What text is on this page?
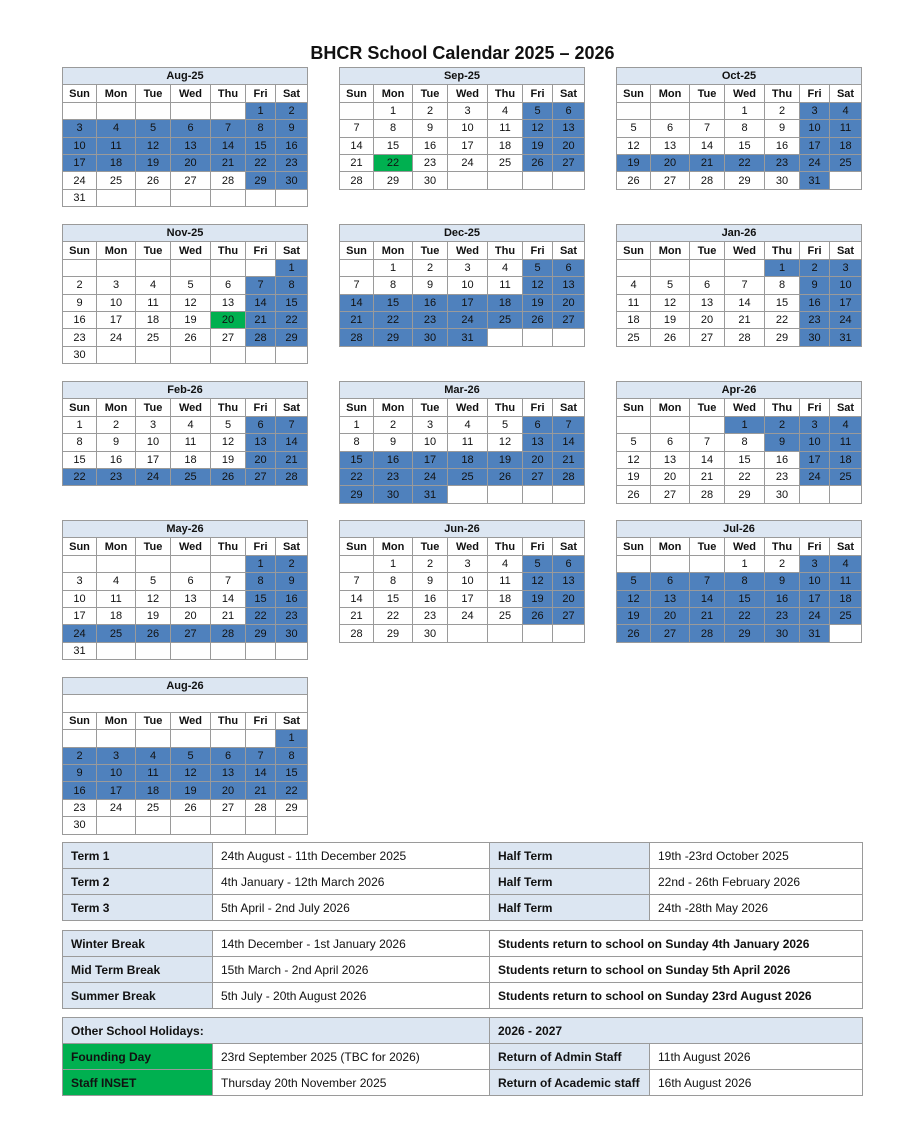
BHCR School Calendar 2025 – 2026
Aug-25						
Sun	Mon	Tue	Wed	Thu	Fri	Sat
					1	2
3	4	5	6	7	8	9
10	11	12	13	14	15	16
17	18	19	20	21	22	23
24	25	26	27	28	29	30
31						
Sep-25						
Sun	Mon	Tue	Wed	Thu	Fri	Sat
	1	2	3	4	5	6
7	8	9	10	11	12	13
14	15	16	17	18	19	20
21	22	23	24	25	26	27
28	29	30				
Oct-25						
Sun	Mon	Tue	Wed	Thu	Fri	Sat
			1	2	3	4
5	6	7	8	9	10	11
12	13	14	15	16	17	18
19	20	21	22	23	24	25
26	27	28	29	30	31	
Nov-25						
Sun	Mon	Tue	Wed	Thu	Fri	Sat
						1
2	3	4	5	6	7	8
9	10	11	12	13	14	15
16	17	18	19	20	21	22
23	24	25	26	27	28	29
30						
Dec-25						
Sun	Mon	Tue	Wed	Thu	Fri	Sat
	1	2	3	4	5	6
7	8	9	10	11	12	13
14	15	16	17	18	19	20
21	22	23	24	25	26	27
28	29	30	31			
Jan-26						
Sun	Mon	Tue	Wed	Thu	Fri	Sat
				1	2	3
4	5	6	7	8	9	10
11	12	13	14	15	16	17
18	19	20	21	22	23	24
25	26	27	28	29	30	31
Feb-26						
Sun	Mon	Tue	Wed	Thu	Fri	Sat
1	2	3	4	5	6	7
8	9	10	11	12	13	14
15	16	17	18	19	20	21
22	23	24	25	26	27	28
Mar-26						
Sun	Mon	Tue	Wed	Thu	Fri	Sat
1	2	3	4	5	6	7
8	9	10	11	12	13	14
15	16	17	18	19	20	21
22	23	24	25	26	27	28
29	30	31				
Apr-26						
Sun	Mon	Tue	Wed	Thu	Fri	Sat
			1	2	3	4
5	6	7	8	9	10	11
12	13	14	15	16	17	18
19	20	21	22	23	24	25
26	27	28	29	30		
May-26						
Sun	Mon	Tue	Wed	Thu	Fri	Sat
					1	2
3	4	5	6	7	8	9
10	11	12	13	14	15	16
17	18	19	20	21	22	23
24	25	26	27	28	29	30
31						
Jun-26						
Sun	Mon	Tue	Wed	Thu	Fri	Sat
	1	2	3	4	5	6
7	8	9	10	11	12	13
14	15	16	17	18	19	20
21	22	23	24	25	26	27
28	29	30				
Jul-26						
Sun	Mon	Tue	Wed	Thu	Fri	Sat
			1	2	3	4
5	6	7	8	9	10	11
12	13	14	15	16	17	18
19	20	21	22	23	24	25
26	27	28	29	30	31	
Aug-26						

Sun	Mon	Tue	Wed	Thu	Fri	Sat
						1
2	3	4	5	6	7	8
9	10	11	12	13	14	15
16	17	18	19	20	21	22
23	24	25	26	27	28	29
30						
Term 1	24th August - 11th December 2025	Half Term	19th -23rd October 2025
Term 2	4th January - 12th March 2026	Half Term	22nd - 26th February 2026
Term 3	5th April - 2nd July 2026	Half Term	24th -28th May 2026
Winter Break	14th December - 1st January 2026	Students return to school on Sunday 4th January 2026
Mid Term Break	15th March - 2nd April 2026	Students return to school on Sunday 5th April 2026
Summer Break	5th July - 20th August 2026	Students return to school on Sunday 23rd August 2026
Other School Holidays:		2026 - 2027	
Founding Day	23rd September 2025 (TBC for 2026)	Return of Admin Staff	11th August 2026
Staff INSET	Thursday 20th November 2025	Return of Academic staff	16th August 2026
